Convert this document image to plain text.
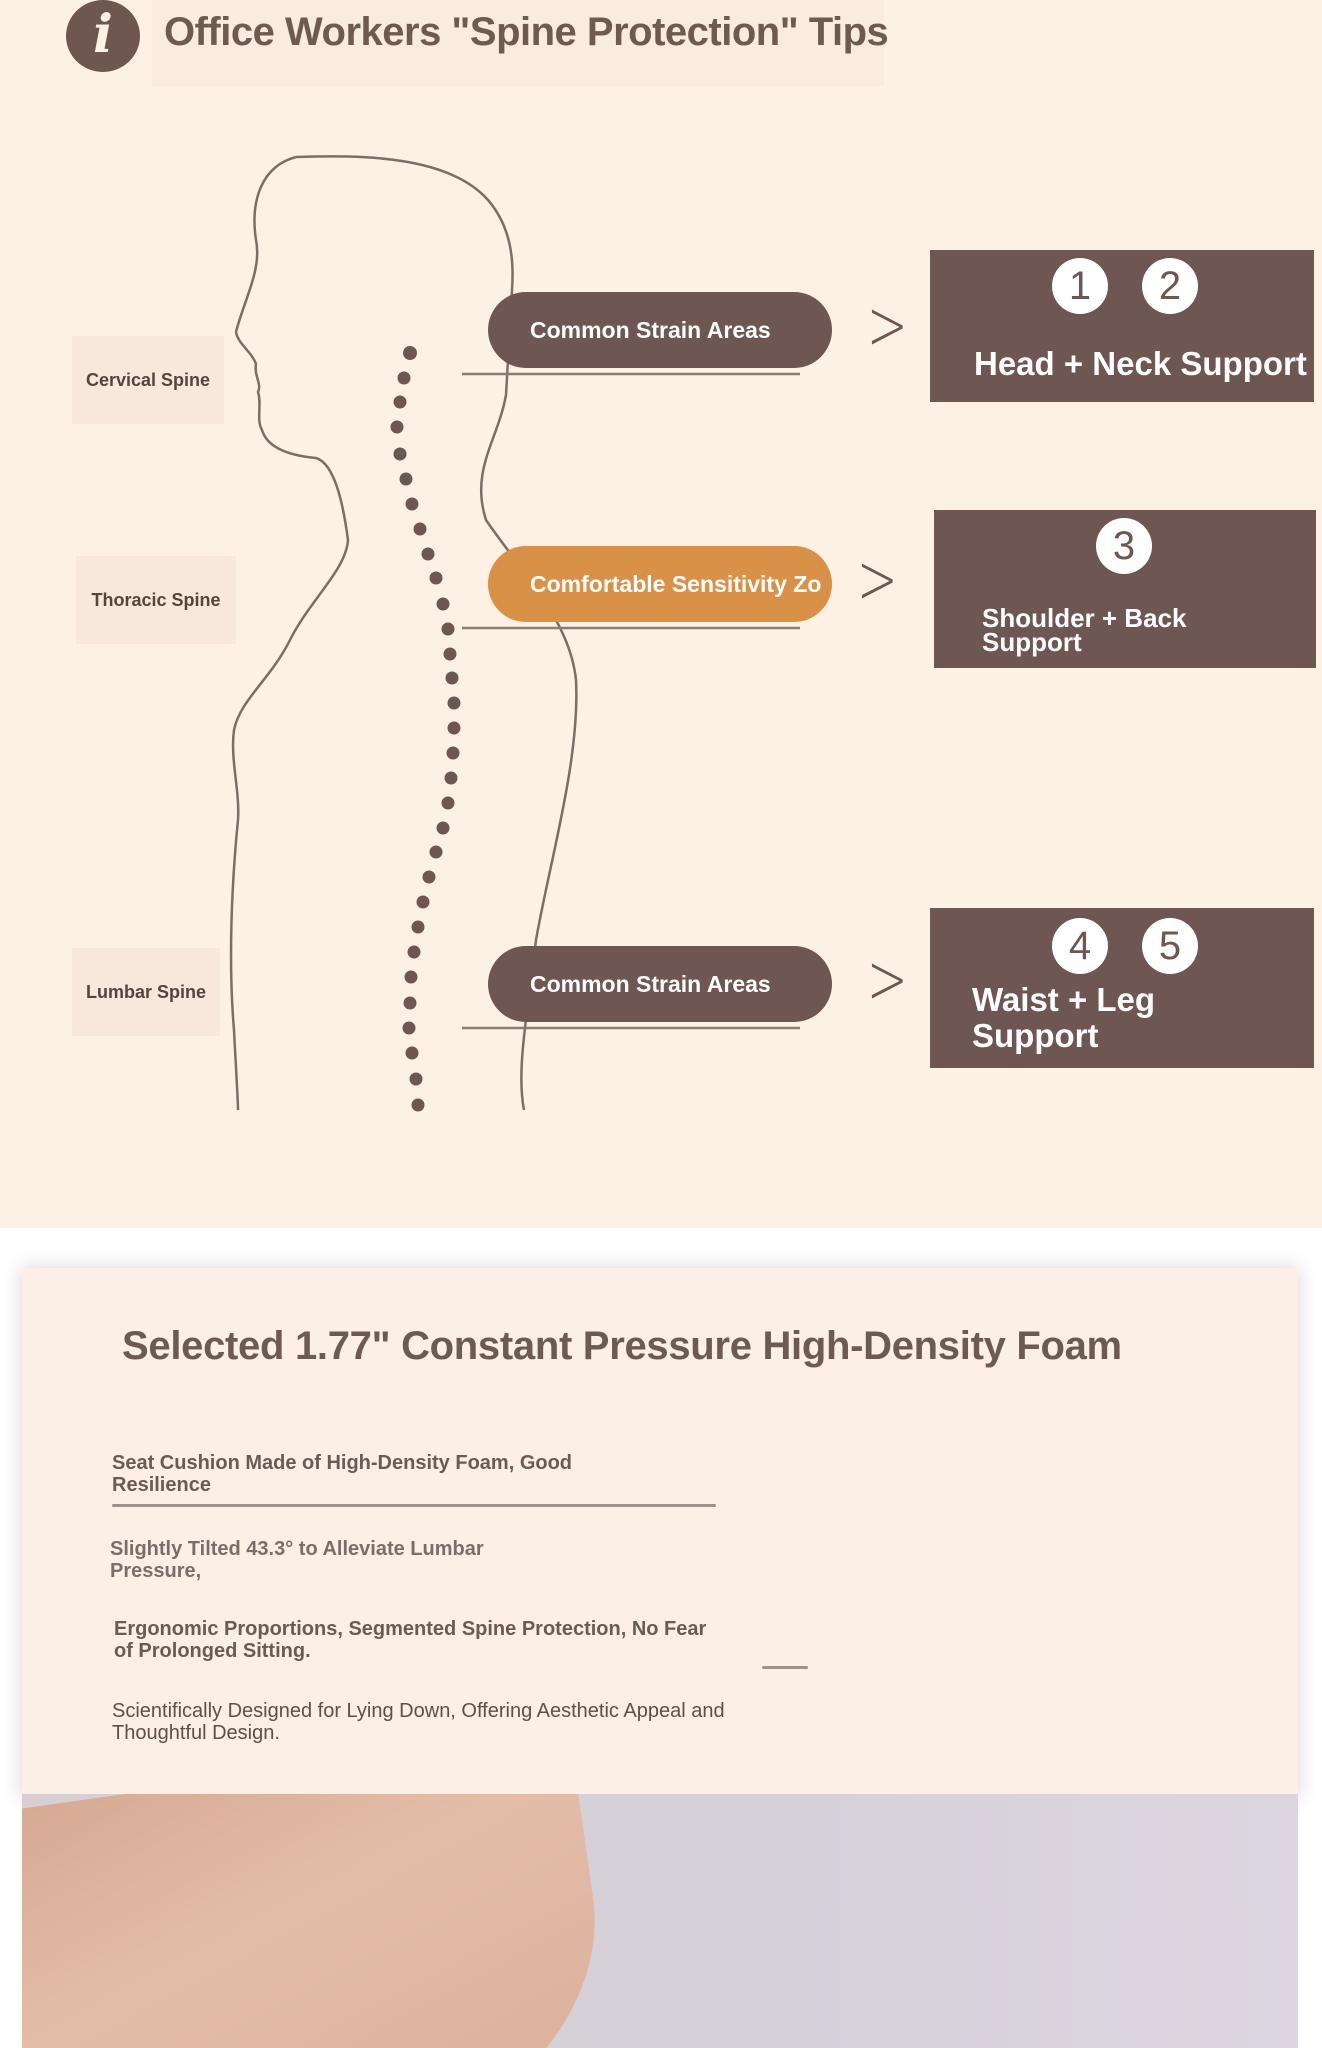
i	Office Workers "Spine Protection" Tips
Cervical Spine
Thoracic Spine
Lumbar Spine
Common Strain Areas
Comfortable Sensitivity Zo
Common Strain Areas
>
>
>
1	2
Head + Neck Support
3
Shoulder + Back
Support
4	5
Waist + Leg
Support
Selected 1.77" Constant Pressure High-Density Foam
Seat Cushion Made of High-Density Foam, Good
Resilience
Slightly Tilted 43.3° to Alleviate Lumbar
Pressure,
Ergonomic Proportions, Segmented Spine Protection, No Fear
of Prolonged Sitting.
Scientifically Designed for Lying Down, Offering Aesthetic Appeal and
Thoughtful Design.
